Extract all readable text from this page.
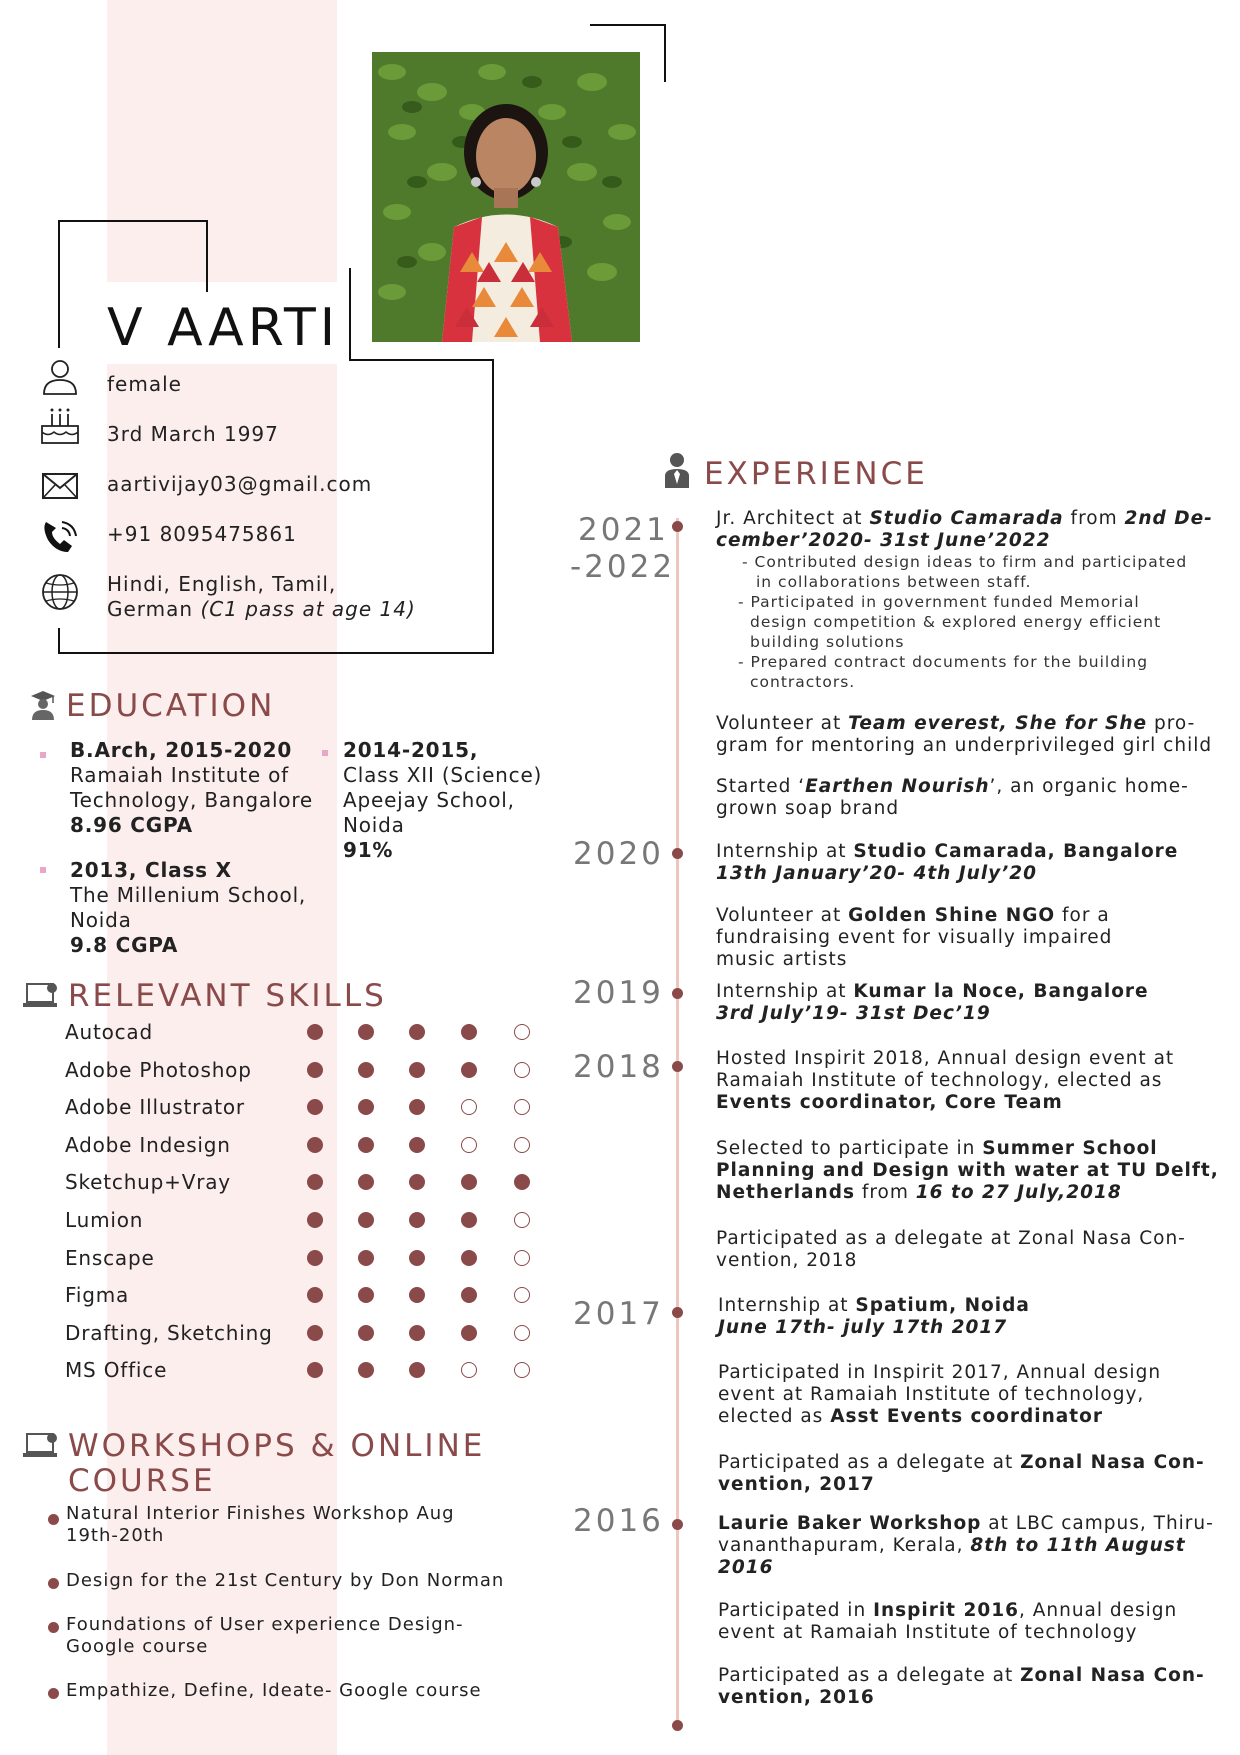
V AARTI
female
3rd March 1997
aartivijay03@gmail.com
+91 8095475861
Hindi, English, Tamil,
German (C1 pass at age 14)
EDUCATION
B.Arch, 2015-2020
Ramaiah Institute of
Technology, Bangalore
8.96 CGPA
2013, Class X
The Millenium School,
Noida
9.8 CGPA
2014-2015,
Class XII (Science)
Apeejay School,
Noida
91%
RELEVANT SKILLS
Autocad
Adobe Photoshop
Adobe Illustrator
Adobe Indesign
Sketchup+Vray
Lumion
Enscape
Figma
Drafting, Sketching
MS Office
WORKSHOPS & ONLINE
COURSE
Natural Interior Finishes Workshop Aug
19th-20th
Design for the 21st Century by Don Norman
Foundations of User experience Design-
Google course
Empathize, Define, Ideate- Google course
EXPERIENCE
2021
-2022
2020
2019
2018
2017
2016
Jr. Architect at Studio Camarada from 2nd De-
cember’2020- 31st June’2022
- Contributed design ideas to firm and participated
in collaborations between staff.
- Participated in government funded Memorial
design competition & explored energy efficient
building solutions
- Prepared contract documents for the building
contractors.
Volunteer at Team everest, She for She pro-
gram for mentoring an underprivileged girl child
Started ‘Earthen Nourish’, an organic home-
grown soap brand
Internship at Studio Camarada, Bangalore
13th January’20- 4th July’20
Volunteer at Golden Shine NGO for a
fundraising event for visually impaired
music artists
Internship at Kumar la Noce, Bangalore
3rd July’19- 31st Dec’19
Hosted Inspirit 2018, Annual design event at
Ramaiah Institute of technology, elected as
Events coordinator, Core Team
Selected to participate in Summer School
Planning and Design with water at TU Delft,
Netherlands from 16 to 27 July,2018
Participated as a delegate at Zonal Nasa Con-
vention, 2018
Internship at Spatium, Noida
June 17th- july 17th 2017
Participated in Inspirit 2017, Annual design
event at Ramaiah Institute of technology,
elected as Asst Events coordinator
Participated as a delegate at Zonal Nasa Con-
vention, 2017
Laurie Baker Workshop at LBC campus, Thiru-
vananthapuram, Kerala, 8th to 11th August
2016
Participated in Inspirit 2016, Annual design
event at Ramaiah Institute of technology
Participated as a delegate at Zonal Nasa Con-
vention, 2016
